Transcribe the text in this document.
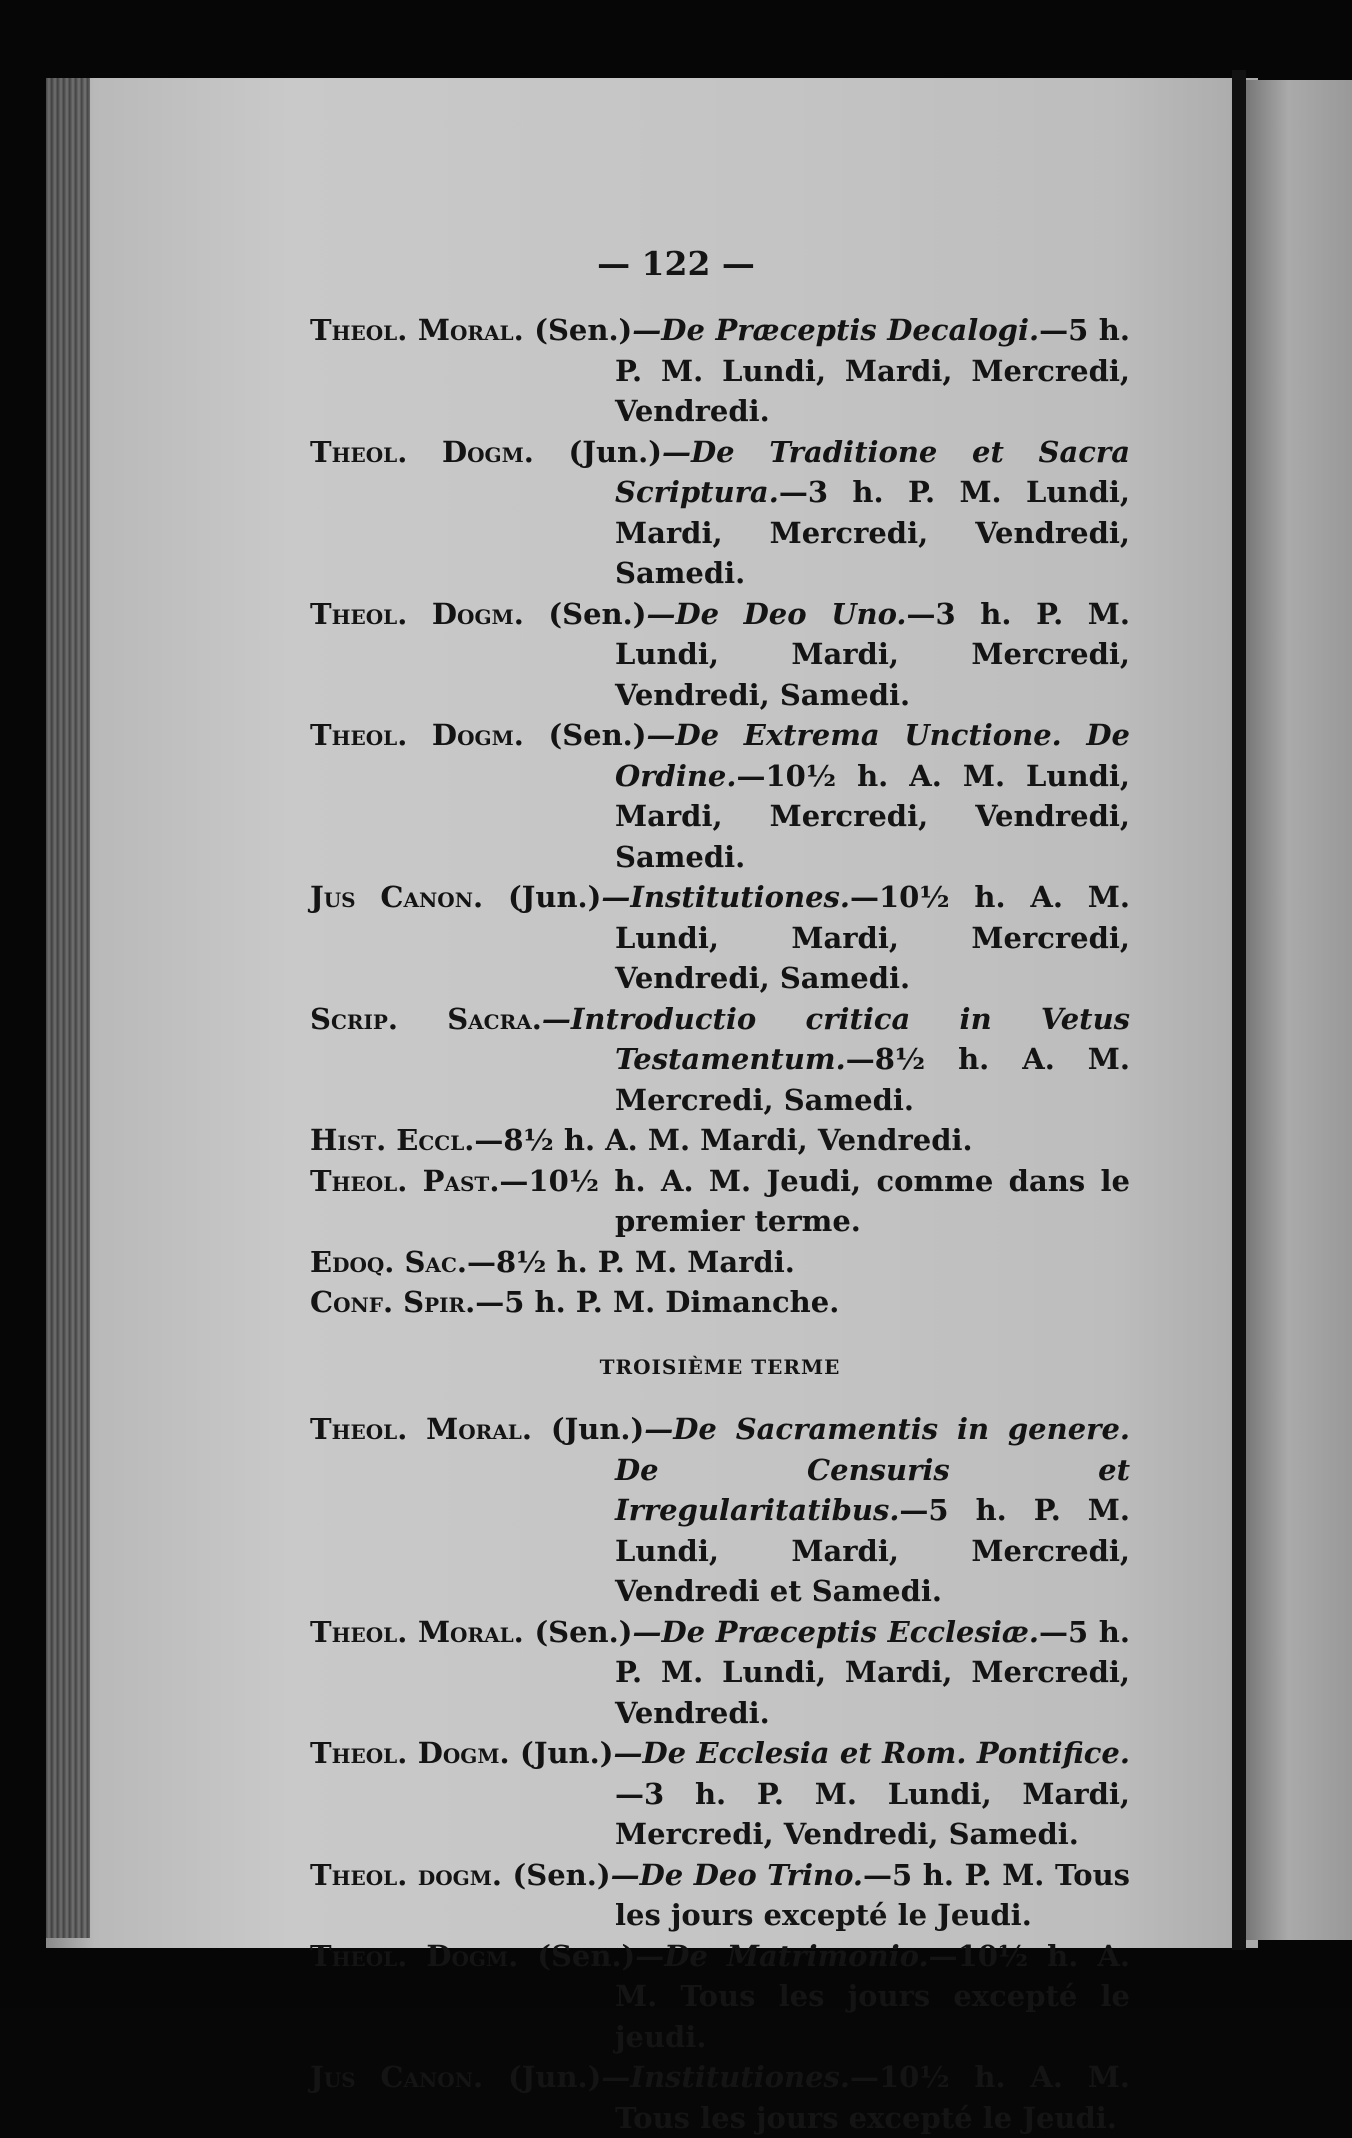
— 122 —

Theol. Moral. (Sen.)—De Præceptis Decalogi.—5 h. P. M. Lundi, Mardi, Mercredi, Vendredi.

Theol. Dogm. (Jun.)—De Traditione et Sacra Scriptura.—3 h. P. M. Lundi, Mardi, Mercredi, Vendredi, Samedi.

Theol. Dogm. (Sen.)—De Deo Uno.—3 h. P. M. Lundi, Mardi, Mercredi, Vendredi, Samedi.

Theol. Dogm. (Sen.)—De Extrema Unctione. De Ordine.—10½ h. A. M. Lundi, Mardi, Mercredi, Vendredi, Samedi.

Jus Canon. (Jun.)—Institutiones.—10½ h. A. M. Lundi, Mardi, Mercredi, Vendredi, Samedi.

Scrip. Sacra.—Introductio critica in Vetus Testamentum.—8½ h. A. M. Mercredi, Samedi.

Hist. Eccl.—8½ h. A. M. Mardi, Vendredi.

Theol. Past.—10½ h. A. M. Jeudi, comme dans le premier terme.

Edoq. Sac.—8½ h. P. M. Mardi.

Conf. Spir.—5 h. P. M. Dimanche.

TROISIÈME TERME

Theol. Moral. (Jun.)—De Sacramentis in genere. De Censuris et Irregularitatibus.—5 h. P. M. Lundi, Mardi, Mercredi, Vendredi et Samedi.

Theol. Moral. (Sen.)—De Præceptis Ecclesiæ.—5 h. P. M. Lundi, Mardi, Mercredi, Vendredi.

Theol. Dogm. (Jun.)—De Ecclesia et Rom. Pontifice.—3 h. P. M. Lundi, Mardi, Mercredi, Vendredi, Samedi.

Theol. dogm. (Sen.)—De Deo Trino.—5 h. P. M. Tous les jours excepté le Jeudi.

Theol. Dogm. (Sen.)—De Matrimonio.—10½ h. A. M. Tous les jours excepté le jeudi.

Jus Canon. (Jun.)—Institutiones.—10½ h. A. M. Tous les jours excepté le Jeudi.
